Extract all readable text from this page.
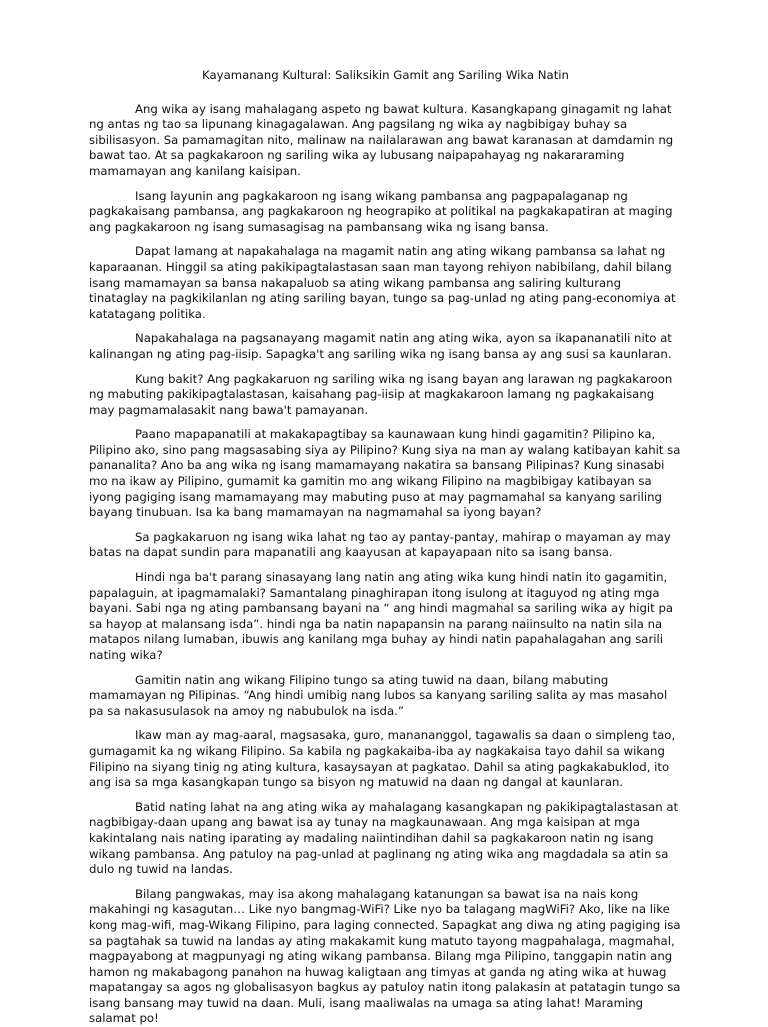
Kayamanang Kultural: Saliksikin Gamit ang Sariling Wika Natin

Ang wika ay isang mahalagang aspeto ng bawat kultura. Kasangkapang ginagamit ng lahat ng antas ng tao sa lipunang kinagagalawan. Ang pagsilang ng wika ay nagbibigay buhay sa sibilisasyon. Sa pamamagitan nito, malinaw na nailalarawan ang bawat karanasan at damdamin ng bawat tao. At sa pagkakaroon ng sariling wika ay lubusang naipapahayag ng nakararaming mamamayan ang kanilang kaisipan.

Isang layunin ang pagkakaroon ng isang wikang pambansa ang pagpapalaganap ng pagkakaisang pambansa, ang pagkakaroon ng heograpiko at politikal na pagkakapatiran at maging ang pagkakaroon ng isang sumasagisag na pambansang wika ng isang bansa.

Dapat lamang at napakahalaga na magamit natin ang ating wikang pambansa sa lahat ng kaparaanan. Hinggil sa ating pakikipagtalastasan saan man tayong rehiyon nabibilang, dahil bilang isang mamamayan sa bansa nakapaluob sa ating wikang pambansa ang saliring kulturang tinataglay na pagkikilanlan ng ating sariling bayan, tungo sa pag-unlad ng ating pang-economiya at katatagang politika.

Napakahalaga na pagsanayang magamit natin ang ating wika, ayon sa ikapananatili nito at kalinangan ng ating pag-iisip. Sapagka't ang sariling wika ng isang bansa ay ang susi sa kaunlaran.

Kung bakit? Ang pagkakaruon ng sariling wika ng isang bayan ang larawan ng pagkakaroon ng mabuting pakikipagtalastasan, kaisahang pag-iisip at magkakaroon lamang ng pagkakaisang may pagmamalasakit nang bawa't pamayanan.

Paano mapapanatili at makakapagtibay sa kaunawaan kung hindi gagamitin? Pilipino ka, Pilipino ako, sino pang magsasabing siya ay Pilipino? Kung siya na man ay walang katibayan kahit sa pananalita? Ano ba ang wika ng isang mamamayang nakatira sa bansang Pilipinas? Kung sinasabi mo na ikaw ay Pilipino, gumamit ka gamitin mo ang wikang Filipino na magbibigay katibayan sa iyong pagiging isang mamamayang may mabuting puso at may pagmamahal sa kanyang sariling bayang tinubuan. Isa ka bang mamamayan na nagmamahal sa iyong bayan?

Sa pagkakaruon ng isang wika lahat ng tao ay pantay-pantay, mahirap o mayaman ay may batas na dapat sundin para mapanatili ang kaayusan at kapayapaan nito sa isang bansa.

Hindi nga ba't parang sinasayang lang natin ang ating wika kung hindi natin ito gagamitin, papalaguin, at ipagmamalaki? Samantalang pinaghirapan itong isulong at itaguyod ng ating mga bayani. Sabi nga ng ating pambansang bayani na “ ang hindi magmahal sa sariling wika ay higit pa sa hayop at malansang isda”. hindi nga ba natin napapansin na parang naiinsulto na natin sila na matapos nilang lumaban, ibuwis ang kanilang mga buhay ay hindi natin papahalagahan ang sarili nating wika?

Gamitin natin ang wikang Filipino tungo sa ating tuwid na daan, bilang mabuting mamamayan ng Pilipinas. “Ang hindi umibig nang lubos sa kanyang sariling salita ay mas masahol pa sa nakasusulasok na amoy ng nabubulok na isda.”

Ikaw man ay mag-aaral, magsasaka, guro, manananggol, tagawalis sa daan o simpleng tao, gumagamit ka ng wikang Filipino. Sa kabila ng pagkakaiba-iba ay nagkakaisa tayo dahil sa wikang Filipino na siyang tinig ng ating kultura, kasaysayan at pagkatao. Dahil sa ating pagkakabuklod, ito ang isa sa mga kasangkapan tungo sa bisyon ng matuwid na daan ng dangal at kaunlaran.

Batid nating lahat na ang ating wika ay mahalagang kasangkapan ng pakikipagtalastasan at nagbibigay-daan upang ang bawat isa ay tunay na magkaunawaan. Ang mga kaisipan at mga kakintalang nais nating iparating ay madaling naiintindihan dahil sa pagkakaroon natin ng isang wikang pambansa. Ang patuloy na pag-unlad at paglinang ng ating wika ang magdadala sa atin sa dulo ng tuwid na landas.

Bilang pangwakas, may isa akong mahalagang katanungan sa bawat isa na nais kong makahingi ng kasagutan… Like nyo bangmag-WiFi? Like nyo ba talagang magWiFi? Ako, like na like kong mag-wifi, mag-Wikang Filipino, para laging connected. Sapagkat ang diwa ng ating pagiging isa sa pagtahak sa tuwid na landas ay ating makakamit kung matuto tayong magpahalaga, magmahal, magpayabong at magpunyagi ng ating wikang pambansa. Bilang mga Pilipino, tanggapin natin ang hamon ng makabagong panahon na huwag kaligtaan ang timyas at ganda ng ating wika at huwag mapatangay sa agos ng globalisasyon bagkus ay patuloy natin itong palakasin at patatagin tungo sa isang bansang may tuwid na daan. Muli, isang maaliwalas na umaga sa ating lahat! Maraming salamat po!
